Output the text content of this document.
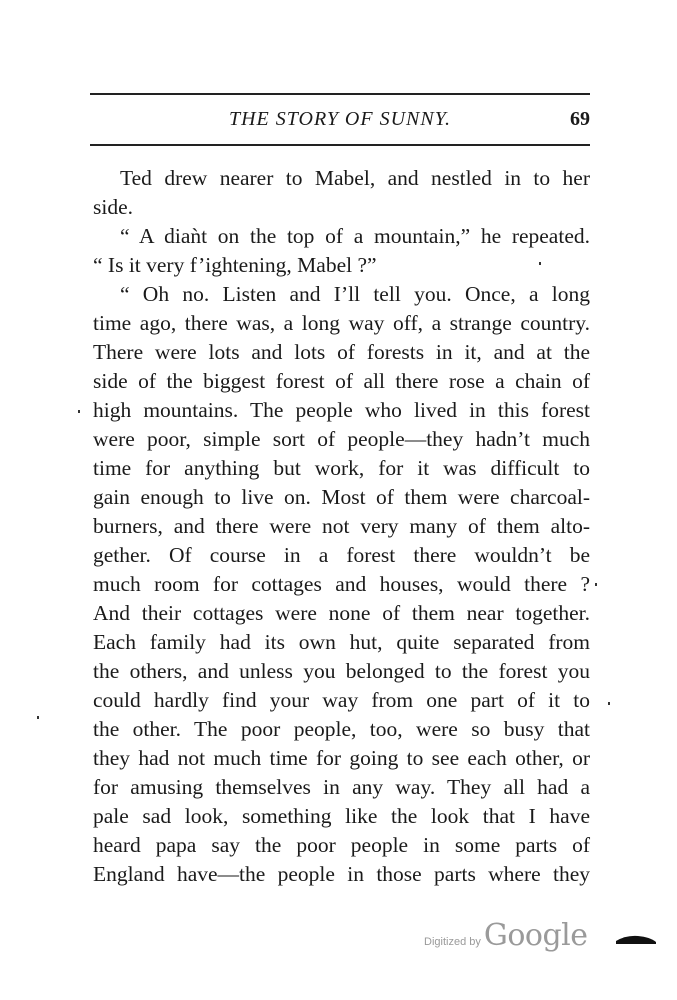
THE STORY OF SUNNY.	69
Ted drew nearer to Mabel, and nestled in to her
side.
“ A diaǹt on the top of a mountain,” he repeated.
“ Is it very f’ightening, Mabel ?”
“ Oh no. Listen and I’ll tell you. Once, a long
time ago, there was, a long way off, a strange country.
There were lots and lots of forests in it, and at the
side of the biggest forest of all there rose a chain of
high mountains. The people who lived in this forest
were poor, simple sort of people—they hadn’t much
time for anything but work, for it was difficult to
gain enough to live on. Most of them were charcoal-
burners, and there were not very many of them alto-
gether. Of course in a forest there wouldn’t be
much room for cottages and houses, would there ?
And their cottages were none of them near together.
Each family had its own hut, quite separated from
the others, and unless you belonged to the forest you
could hardly find your way from one part of it to
the other. The poor people, too, were so busy that
they had not much time for going to see each other, or
for amusing themselves in any way. They all had a
pale sad look, something like the look that I have
heard papa say the poor people in some parts of
England have—the people in those parts where they
Digitized by Google
